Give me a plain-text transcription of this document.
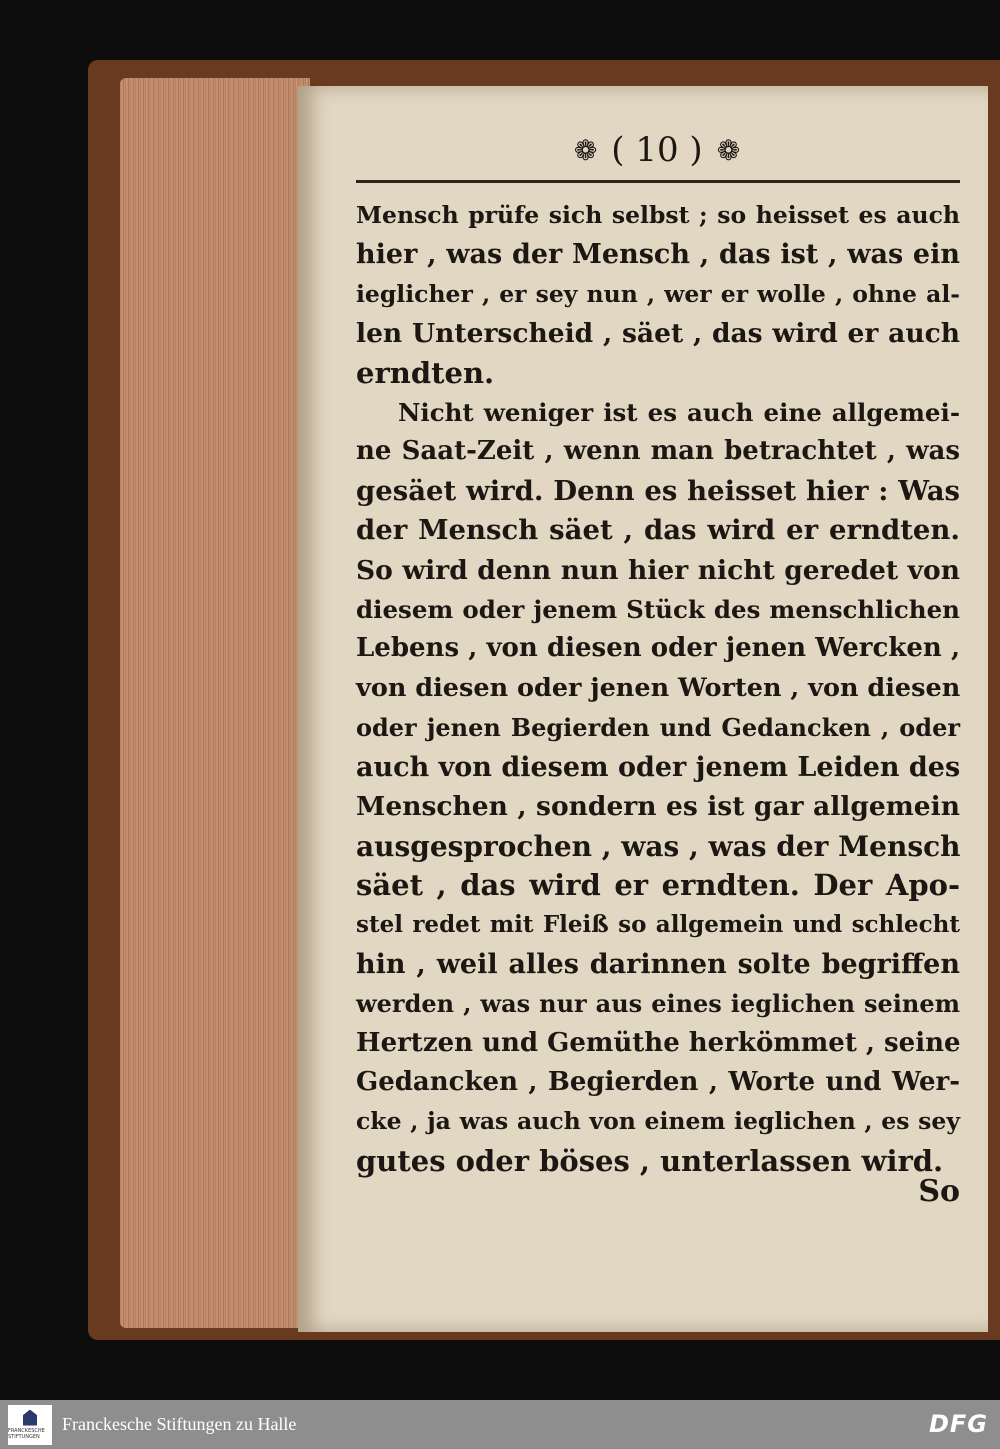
❁ ( 10 ) ❁
Mensch prüfe sich selbst ; so heisset es auch
hier , was der Mensch , das ist , was ein
ieglicher , er sey nun , wer er wolle , ohne al-
len Unterscheid , säet , das wird er auch
erndten.
Nicht weniger ist es auch eine allgemei-
ne Saat-Zeit , wenn man betrachtet , was
gesäet wird. Denn es heisset hier : Was
der Mensch säet , das wird er erndten.
So wird denn nun hier nicht geredet von
diesem oder jenem Stück des menschlichen
Lebens , von diesen oder jenen Wercken ,
von diesen oder jenen Worten , von diesen
oder jenen Begierden und Gedancken , oder
auch von diesem oder jenem Leiden des
Menschen , sondern es ist gar allgemein
ausgesprochen , was , was der Mensch
säet , das wird er erndten. Der Apo-
stel redet mit Fleiß so allgemein und schlecht
hin , weil alles darinnen solte begriffen
werden , was nur aus eines ieglichen seinem
Hertzen und Gemüthe herkömmet , seine
Gedancken , Begierden , Worte und Wer-
cke , ja was auch von einem ieglichen , es sey
gutes oder böses , unterlassen wird.
So
FRANCKESCHE STIFTUNGEN
Franckesche Stiftungen zu Halle	DFG
